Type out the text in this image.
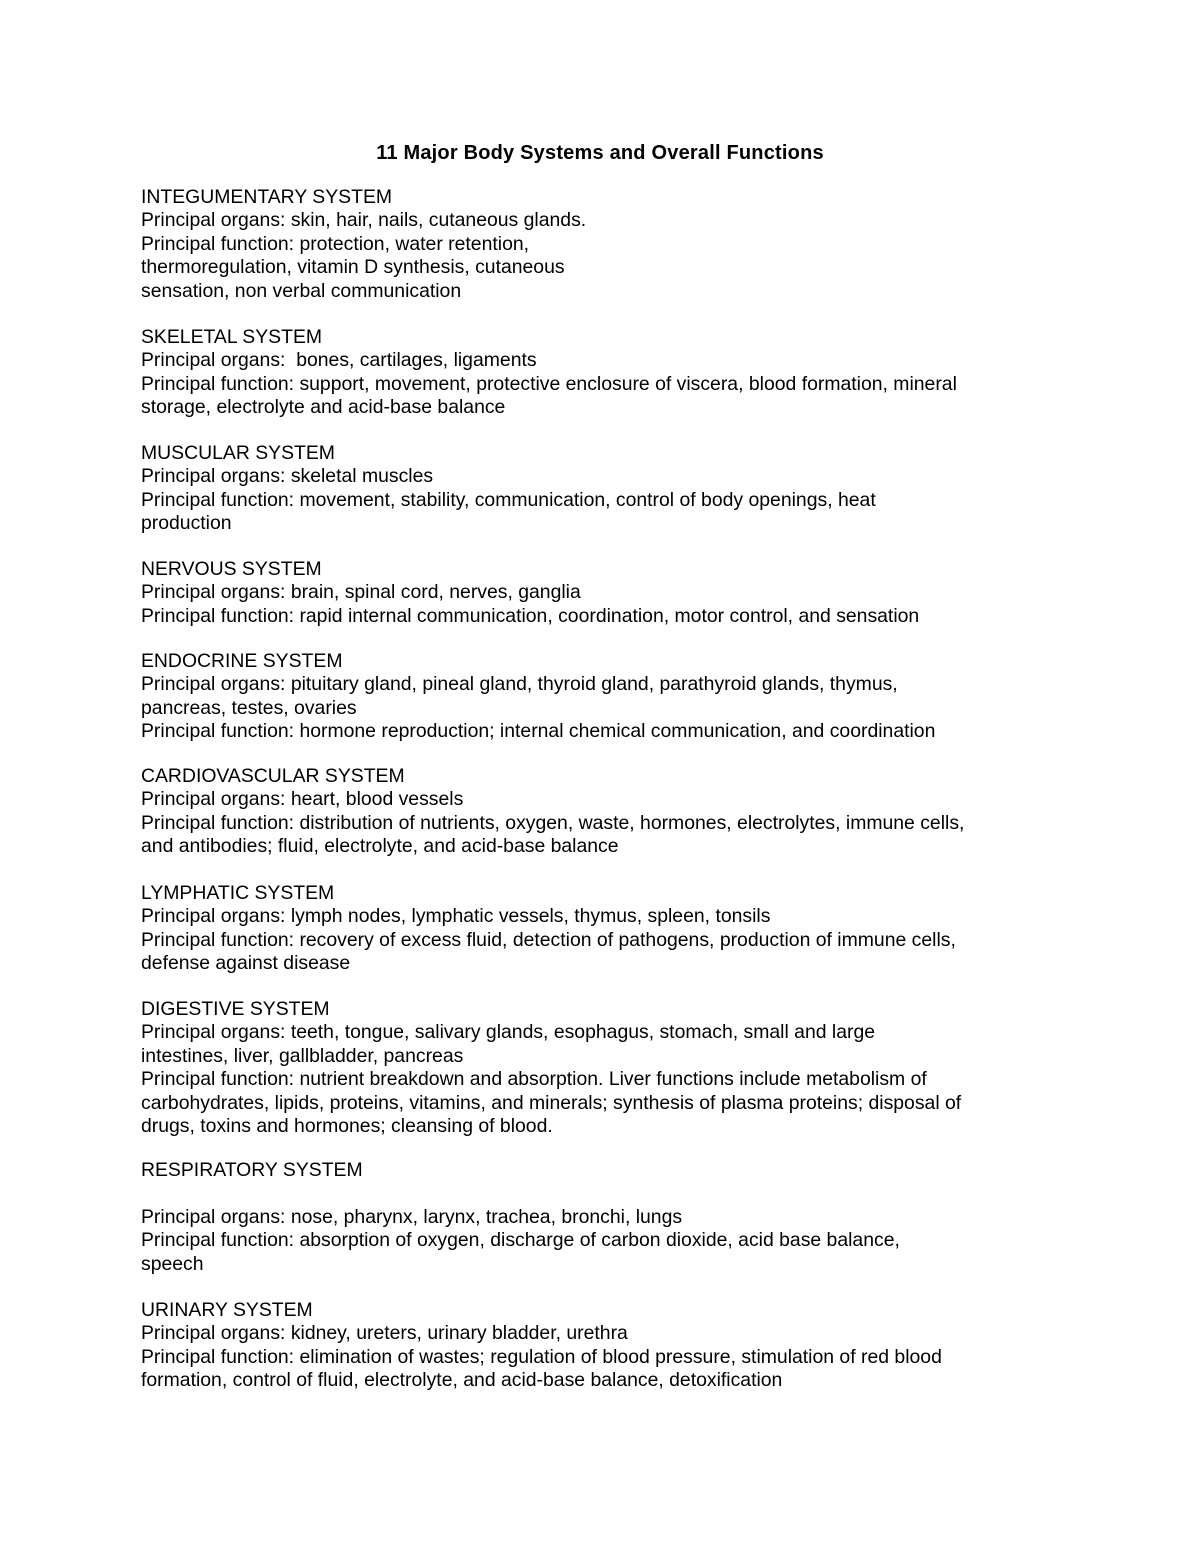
11 Major Body Systems and Overall Functions
INTEGUMENTARY SYSTEM
Principal organs: skin, hair, nails, cutaneous glands.
Principal function: protection, water retention,
thermoregulation, vitamin D synthesis, cutaneous
sensation, non verbal communication
SKELETAL SYSTEM
Principal organs:  bones, cartilages, ligaments
Principal function: support, movement, protective enclosure of viscera, blood formation, mineral
storage, electrolyte and acid-base balance
MUSCULAR SYSTEM
Principal organs: skeletal muscles
Principal function: movement, stability, communication, control of body openings, heat
production
NERVOUS SYSTEM
Principal organs: brain, spinal cord, nerves, ganglia
Principal function: rapid internal communication, coordination, motor control, and sensation
ENDOCRINE SYSTEM
Principal organs: pituitary gland, pineal gland, thyroid gland, parathyroid glands, thymus,
pancreas, testes, ovaries
Principal function: hormone reproduction; internal chemical communication, and coordination
CARDIOVASCULAR SYSTEM
Principal organs: heart, blood vessels
Principal function: distribution of nutrients, oxygen, waste, hormones, electrolytes, immune cells,
and antibodies; fluid, electrolyte, and acid-base balance
LYMPHATIC SYSTEM
Principal organs: lymph nodes, lymphatic vessels, thymus, spleen, tonsils
Principal function: recovery of excess fluid, detection of pathogens, production of immune cells,
defense against disease
DIGESTIVE SYSTEM
Principal organs: teeth, tongue, salivary glands, esophagus, stomach, small and large
intestines, liver, gallbladder, pancreas
Principal function: nutrient breakdown and absorption. Liver functions include metabolism of
carbohydrates, lipids, proteins, vitamins, and minerals; synthesis of plasma proteins; disposal of
drugs, toxins and hormones; cleansing of blood.
RESPIRATORY SYSTEM
Principal organs: nose, pharynx, larynx, trachea, bronchi, lungs
Principal function: absorption of oxygen, discharge of carbon dioxide, acid base balance,
speech
URINARY SYSTEM
Principal organs: kidney, ureters, urinary bladder, urethra
Principal function: elimination of wastes; regulation of blood pressure, stimulation of red blood
formation, control of fluid, electrolyte, and acid-base balance, detoxification
